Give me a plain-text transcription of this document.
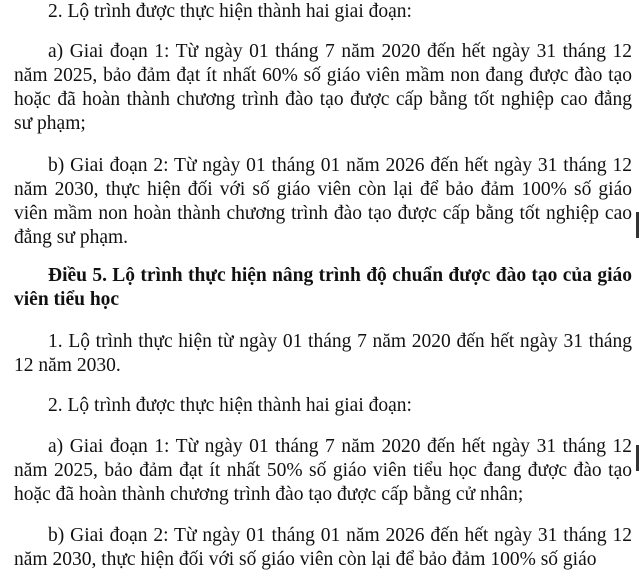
2. Lộ trình được thực hiện thành hai giai đoạn:

a) Giai đoạn 1: Từ ngày 01 tháng 7 năm 2020 đến hết ngày 31 tháng 12 năm 2025, bảo đảm đạt ít nhất 60% số giáo viên mầm non đang được đào tạo hoặc đã hoàn thành chương trình đào tạo được cấp bằng tốt nghiệp cao đẳng sư phạm;

b) Giai đoạn 2: Từ ngày 01 tháng 01 năm 2026 đến hết ngày 31 tháng 12 năm 2030, thực hiện đối với số giáo viên còn lại để bảo đảm 100% số giáo viên mầm non hoàn thành chương trình đào tạo được cấp bằng tốt nghiệp cao đẳng sư phạm.

Điều 5. Lộ trình thực hiện nâng trình độ chuẩn được đào tạo của giáo viên tiểu học

1. Lộ trình thực hiện từ ngày 01 tháng 7 năm 2020 đến hết ngày 31 tháng 12 năm 2030.

2. Lộ trình được thực hiện thành hai giai đoạn:

a) Giai đoạn 1: Từ ngày 01 tháng 7 năm 2020 đến hết ngày 31 tháng 12 năm 2025, bảo đảm đạt ít nhất 50% số giáo viên tiểu học đang được đào tạo hoặc đã hoàn thành chương trình đào tạo được cấp bằng cử nhân;

b) Giai đoạn 2: Từ ngày 01 tháng 01 năm 2026 đến hết ngày 31 tháng 12 năm 2030, thực hiện đối với số giáo viên còn lại để bảo đảm 100% số giáo
